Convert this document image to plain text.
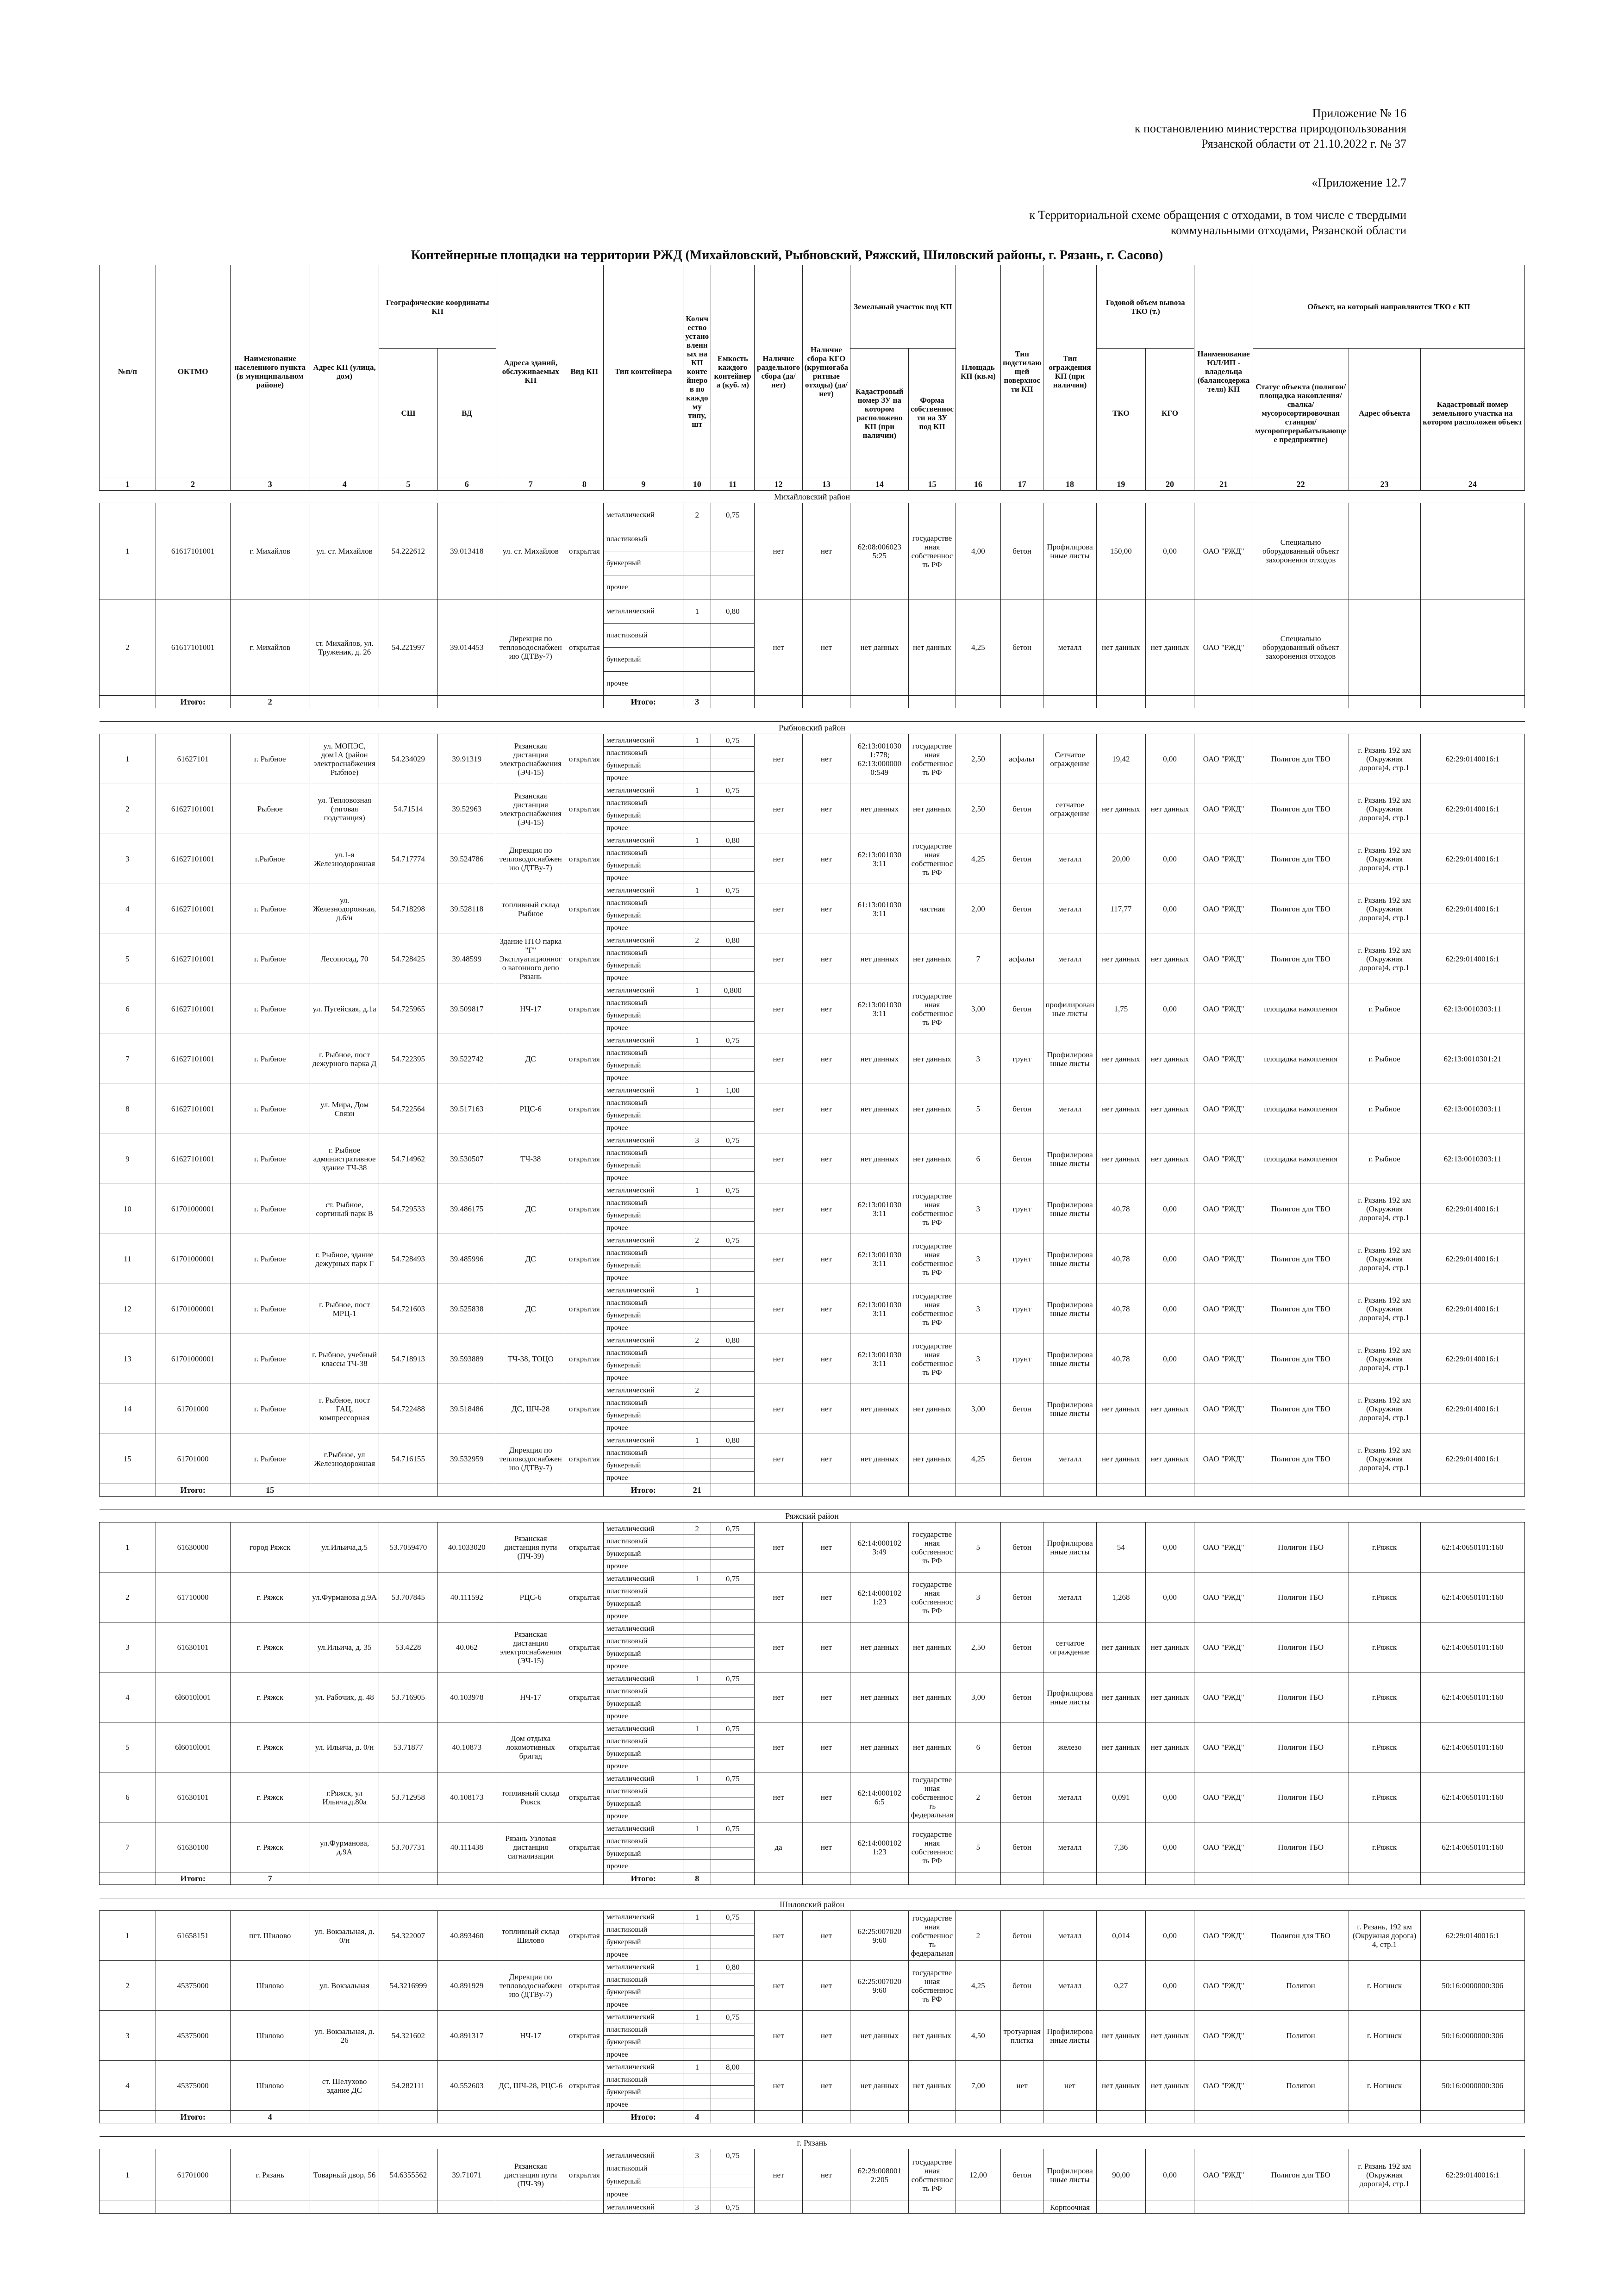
Приложение № 16
к постановлению министерства природопользования
Рязанской области от 21.10.2022 г. № 37
«Приложение 12.7
к Территориальной схеме обращения с отходами, в том числе с твердыми
коммунальными отходами, Рязанской области
Контейнерные площадки на территории РЖД (Михайловский, Рыбновский, Ряжский, Шиловский районы, г. Рязань, г. Сасово)
№п/п	ОКТМО	Наименование населенного пункта (в муниципальном районе)	Адрес КП (улица, дом)	Географические координаты КП		Адреса зданий, обслуживаемых КП	Вид КП	Тип контейнера	Количество установленных на КП контейнеров по каждому типу, шт	Емкость каждого контейнера (куб. м)	Наличие раздельного сбора (да/нет)	Наличие сбора КГО (крупногабаритные отходы) (да/нет)	Земельный участок под КП		Площадь КП (кв.м)	Тип подстилающей поверхности КП	Тип ограждения КП (при наличии)	Годовой объем вывоза ТКО (т.)		Наименование ЮЛ/ИП - владельца (балансодержателя) КП	Объект, на который направляются ТКО с КП		
				СШ	ВД								Кадастровый номер ЗУ на котором расположено КП (при наличии)	Форма собственности на ЗУ под КП				ТКО	КГО		Статус объекта (полигон/площадка накопления/свалка/мусоросортировочная станция/мусороперерабатывающее предприятие)	Адрес объекта	Кадастровый номер земельного участка на котором расположен объект
1	2	3	4	5	6	7	8	9	10	11	12	13	14	15	16	17	18	19	20	21	22	23	24
Михайловский район																							
1	61617101001	г. Михайлов	ул. ст. Михайлов	54.222612	39.013418	ул. ст. Михайлов	открытая	металлический	2	0,75	нет	нет	62:08:006023 5:25	государственная собственность РФ	4,00	бетон	Профилированные листы	150,00	0,00	ОАО "РЖД"	Специально оборудованный объект захоронения отходов		
								пластиковый															
								бункерный															
								прочее															
2	61617101001	г. Михайлов	ст. Михайлов, ул. Труженик, д. 26	54.221997	39.014453	Дирекция по тепловодоснабжению (ДТВу-7)	открытая	металлический	1	0,80	нет	нет	нет данных	нет данных	4,25	бетон	металл	нет данных	нет данных	ОАО "РЖД"	Специально оборудованный объект захоронения отходов		
								пластиковый															
								бункерный															
								прочее															
	Итого:	2						Итого:	3														

Рыбновский район																							
1	61627101	г. Рыбное	ул. МОПЭС, дом1А (район электроснабжения Рыбное)	54.234029	39.91319	Рязанская дистанция электроснабжения (ЭЧ-15)	открытая	металлический	1	0,75	нет	нет	62:13:001030 1:778; 62:13:000000 0:549	государственная собственность РФ	2,50	асфальт	Сетчатое ограждение	19,42	0,00	ОАО "РЖД"	Полигон для ТБО	г. Рязань 192 км (Окружная дорога)4, стр.1	62:29:0140016:1
								пластиковый															
								бункерный															
								прочее															
2	61627101001	Рыбное	ул. Тепловозная (тяговая подстанция)	54.71514	39.52963	Рязанская дистанция электроснабжения (ЭЧ-15)	открытая	металлический	1	0,75	нет	нет	нет данных	нет данных	2,50	бетон	сетчатое ограждение	нет данных	нет данных	ОАО "РЖД"	Полигон для ТБО	г. Рязань 192 км (Окружная дорога)4, стр.1	62:29:0140016:1
								пластиковый															
								бункерный															
								прочее															
3	61627101001	г.Рыбное	ул.1-я Железнодорожная	54.717774	39.524786	Дирекция по тепловодоснабжению (ДТВу-7)	открытая	металлический	1	0,80	нет	нет	62:13:001030 3:11	государственная собственность РФ	4,25	бетон	металл	20,00	0,00	ОАО "РЖД"	Полигон для ТБО	г. Рязань 192 км (Окружная дорога)4, стр.1	62:29:0140016:1
								пластиковый															
								бункерный															
								прочее															
4	61627101001	г. Рыбное	ул. Железнодорожная, д.6/н	54.718298	39.528118	топливный склад Рыбное	открытая	металлический	1	0,75	нет	нет	61:13:001030 3:11	частная	2,00	бетон	металл	117,77	0,00	ОАО "РЖД"	Полигон для ТБО	г. Рязань 192 км (Окружная дорога)4, стр.1	62:29:0140016:1
								пластиковый															
								бункерный															
								прочее															
5	61627101001	г. Рыбное	Лесопосад, 70	54.728425	39.48599	Здание ПТО парка "Г" Эксплуатационного вагонного депо Рязань	открытая	металлический	2	0,80	нет	нет	нет данных	нет данных	7	асфальт	металл	нет данных	нет данных	ОАО "РЖД"	Полигон для ТБО	г. Рязань 192 км (Окружная дорога)4, стр.1	62:29:0140016:1
								пластиковый															
								бункерный															
								прочее															
6	61627101001	г. Рыбное	ул. Пугейская, д.1а	54.725965	39.509817	НЧ-17	открытая	металлический	1	0,800	нет	нет	62:13:001030 3:11	государственная собственность РФ	3,00	бетон	профилированные листы	1,75	0,00	ОАО "РЖД"	площадка накопления	г. Рыбное	62:13:0010303:11
								пластиковый															
								бункерный															
								прочее															
7	61627101001	г. Рыбное	г. Рыбное, пост дежурного парка Д	54.722395	39.522742	ДС	открытая	металлический	1	0,75	нет	нет	нет данных	нет данных	3	грунт	Профилированные листы	нет данных	нет данных	ОАО "РЖД"	площадка накопления	г. Рыбное	62:13:0010301:21
								пластиковый															
								бункерный															
								прочее															
8	61627101001	г. Рыбное	ул. Мира, Дом Связи	54.722564	39.517163	РЦС-6	открытая	металлический	1	1,00	нет	нет	нет данных	нет данных	5	бетон	металл	нет данных	нет данных	ОАО "РЖД"	площадка накопления	г. Рыбное	62:13:0010303:11
								пластиковый															
								бункерный															
								прочее															
9	61627101001	г. Рыбное	г. Рыбное административное здание ТЧ-38	54.714962	39.530507	ТЧ-38	открытая	металлический	3	0,75	нет	нет	нет данных	нет данных	6	бетон	Профилированные листы	нет данных	нет данных	ОАО "РЖД"	площадка накопления	г. Рыбное	62:13:0010303:11
								пластиковый															
								бункерный															
								прочее															
10	61701000001	г. Рыбное	ст. Рыбное, сортиный парк В	54.729533	39.486175	ДС	открытая	металлический	1	0,75	нет	нет	62:13:001030 3:11	государственная собственность РФ	3	грунт	Профилированные листы	40,78	0,00	ОАО "РЖД"	Полигон для ТБО	г. Рязань 192 км (Окружная дорога)4, стр.1	62:29:0140016:1
								пластиковый															
								бункерный															
								прочее															
11	61701000001	г. Рыбное	г. Рыбное, здание дежурных парк Г	54.728493	39.485996	ДС	открытая	металлический	2	0,75	нет	нет	62:13:001030 3:11	государственная собственность РФ	3	грунт	Профилированные листы	40,78	0,00	ОАО "РЖД"	Полигон для ТБО	г. Рязань 192 км (Окружная дорога)4, стр.1	62:29:0140016:1
								пластиковый															
								бункерный															
								прочее															
12	61701000001	г. Рыбное	г. Рыбное, пост МРЦ-1	54.721603	39.525838	ДС	открытая	металлический	1		нет	нет	62:13:001030 3:11	государственная собственность РФ	3	грунт	Профилированные листы	40,78	0,00	ОАО "РЖД"	Полигон для ТБО	г. Рязань 192 км (Окружная дорога)4, стр.1	62:29:0140016:1
								пластиковый															
								бункерный															
								прочее															
13	61701000001	г. Рыбное	г. Рыбное, учебный классы ТЧ-38	54.718913	39.593889	ТЧ-38, ТОЦО	открытая	металлический	2	0,80	нет	нет	62:13:001030 3:11	государственная собственность РФ	3	грунт	Профилированные листы	40,78	0,00	ОАО "РЖД"	Полигон для ТБО	г. Рязань 192 км (Окружная дорога)4, стр.1	62:29:0140016:1
								пластиковый															
								бункерный															
								прочее															
14	61701000	г. Рыбное	г. Рыбное, пост ГАЦ, компрессорная	54.722488	39.518486	ДС, ШЧ-28	открытая	металлический	2		нет	нет	нет данных	нет данных	3,00	бетон	Профилированные листы	нет данных	нет данных	ОАО "РЖД"	Полигон для ТБО	г. Рязань 192 км (Окружная дорога)4, стр.1	62:29:0140016:1
								пластиковый															
								бункерный															
								прочее															
15	61701000	г. Рыбное	г.Рыбное, ул Железнодорожная	54.716155	39.532959	Дирекция по тепловодоснабжению (ДТВу-7)	открытая	металлический	1	0,80	нет	нет	нет данных	нет данных	4,25	бетон	металл	нет данных	нет данных	ОАО "РЖД"	Полигон для ТБО	г. Рязань 192 км (Окружная дорога)4, стр.1	62:29:0140016:1
								пластиковый															
								бункерный															
								прочее															
	Итого:	15						Итого:	21														

Ряжский район																							
1	61630000	город Ряжск	ул.Ильича,д.5	53.7059470	40.1033020	Рязанская дистанция пути (ПЧ-39)	открытая	металлический	2	0,75	нет	нет	62:14:000102 3:49	государственная собственность РФ	5	бетон	Профилированные листы	54	0,00	ОАО "РЖД"	Полигон ТБО	г.Ряжск	62:14:0650101:160
								пластиковый															
								бункерный															
								прочее															
2	61710000	г. Ряжск	ул.Фурманова д.9А	53.707845	40.111592	РЦС-6	открытая	металлический	1	0,75	нет	нет	62:14:000102 1:23	государственная собственность РФ	3	бетон	металл	1,268	0,00	ОАО "РЖД"	Полигон ТБО	г.Ряжск	62:14:0650101:160
								пластиковый															
								бункерный															
								прочее															
3	61630101	г. Ряжск	ул.Ильича, д. 35	53.4228	40.062	Рязанская дистанция электроснабжения (ЭЧ-15)	открытая	металлический			нет	нет	нет данных	нет данных	2,50	бетон	сетчатое ограждение	нет данных	нет данных	ОАО "РЖД"	Полигон ТБО	г.Ряжск	62:14:0650101:160
								пластиковый															
								бункерный															
								прочее															
4	6l6010l001	г. Ряжск	ул. Рабочих, д. 48	53.716905	40.103978	НЧ-17	открытая	металлический	1	0,75	нет	нет	нет данных	нет данных	3,00	бетон	Профилированные листы	нет данных	нет данных	ОАО "РЖД"	Полигон ТБО	г.Ряжск	62:14:0650101:160
								пластиковый															
								бункерный															
								прочее															
5	6l6010l001	г. Ряжск	ул. Ильича, д. 0/н	53.71877	40.10873	Дом отдыха локомотивных бригад	открытая	металлический	1	0,75	нет	нет	нет данных	нет данных	6	бетон	железо	нет данных	нет данных	ОАО "РЖД"	Полигон ТБО	г.Ряжск	62:14:0650101:160
								пластиковый															
								бункерный															
								прочее															
6	61630101	г. Ряжск	г.Ряжск, ул Ильича,д.80а	53.712958	40.108173	топливный склад Ряжск	открытая	металлический	1	0,75	нет	нет	62:14:000102 6:5	государственная собственность федеральная	2	бетон	металл	0,091	0,00	ОАО "РЖД"	Полигон ТБО	г.Ряжск	62:14:0650101:160
								пластиковый															
								бункерный															
								прочее															
7	61630100	г. Ряжск	ул.Фурманова, д.9А	53.707731	40.111438	Рязань Узловая дистанция сигнализации	открытая	металлический	1	0,75	да	нет	62:14:000102 1:23	государственная собственность РФ	5	бетон	металл	7,36	0,00	ОАО "РЖД"	Полигон ТБО	г.Ряжск	62:14:0650101:160
								пластиковый															
								бункерный															
								прочее															
	Итого:	7						Итого:	8														

Шиловский район																							
1	61658151	пгт. Шилово	ул. Вокзальная, д. 0/н	54.322007	40.893460	топливный склад Шилово	открытая	металлический	1	0,75	нет	нет	62:25:007020 9:60	государственная собственность федеральная	2	бетон	металл	0,014	0,00	ОАО "РЖД"	Полигон для ТБО	г. Рязань, 192 км (Окружная дорога) 4, стр.1	62:29:0140016:1
								пластиковый															
								бункерный															
								прочее															
2	45375000	Шилово	ул. Вокзальная	54.3216999	40.891929	Дирекция по тепловодоснабжению (ДТВу-7)	открытая	металлический	1	0,80	нет	нет	62:25:007020 9:60	государственная собственность РФ	4,25	бетон	металл	0,27	0,00	ОАО "РЖД"	Полигон	г. Ногинск	50:16:0000000:306
								пластиковый															
								бункерный															
								прочее															
3	45375000	Шилово	ул. Вокзальная, д. 26	54.321602	40.891317	НЧ-17	открытая	металлический	1	0,75	нет	нет	нет данных	нет данных	4,50	тротуарная плитка	Профилированные листы	нет данных	нет данных	ОАО "РЖД"	Полигон	г. Ногинск	50:16:0000000:306
								пластиковый															
								бункерный															
								прочее															
4	45375000	Шилово	ст. Шелухово здание ДС	54.282111	40.552603	ДС, ШЧ-28, РЦС-6	открытая	металлический	1	8,00	нет	нет	нет данных	нет данных	7,00	нет	нет	нет данных	нет данных	ОАО "РЖД"	Полигон	г. Ногинск	50:16:0000000:306
								пластиковый															
								бункерный															
								прочее															
	Итого:	4						Итого:	4														

г. Рязань																							
1	61701000	г. Рязань	Товарный двор, 56	54.6355562	39.71071	Рязанская дистанция пути (ПЧ-39)	открытая	металлический	3	0,75	нет	нет	62:29:008001 2:205	государственная собственность РФ	12,00	бетон	Профилированные листы	90,00	0,00	ОАО "РЖД"	Полигон для ТБО	г. Рязань 192 км (Окружная дорога)4, стр.1	62:29:0140016:1
								пластиковый															
								бункерный															
								прочее															
								металлический	3	0,75							Корпоочная						
